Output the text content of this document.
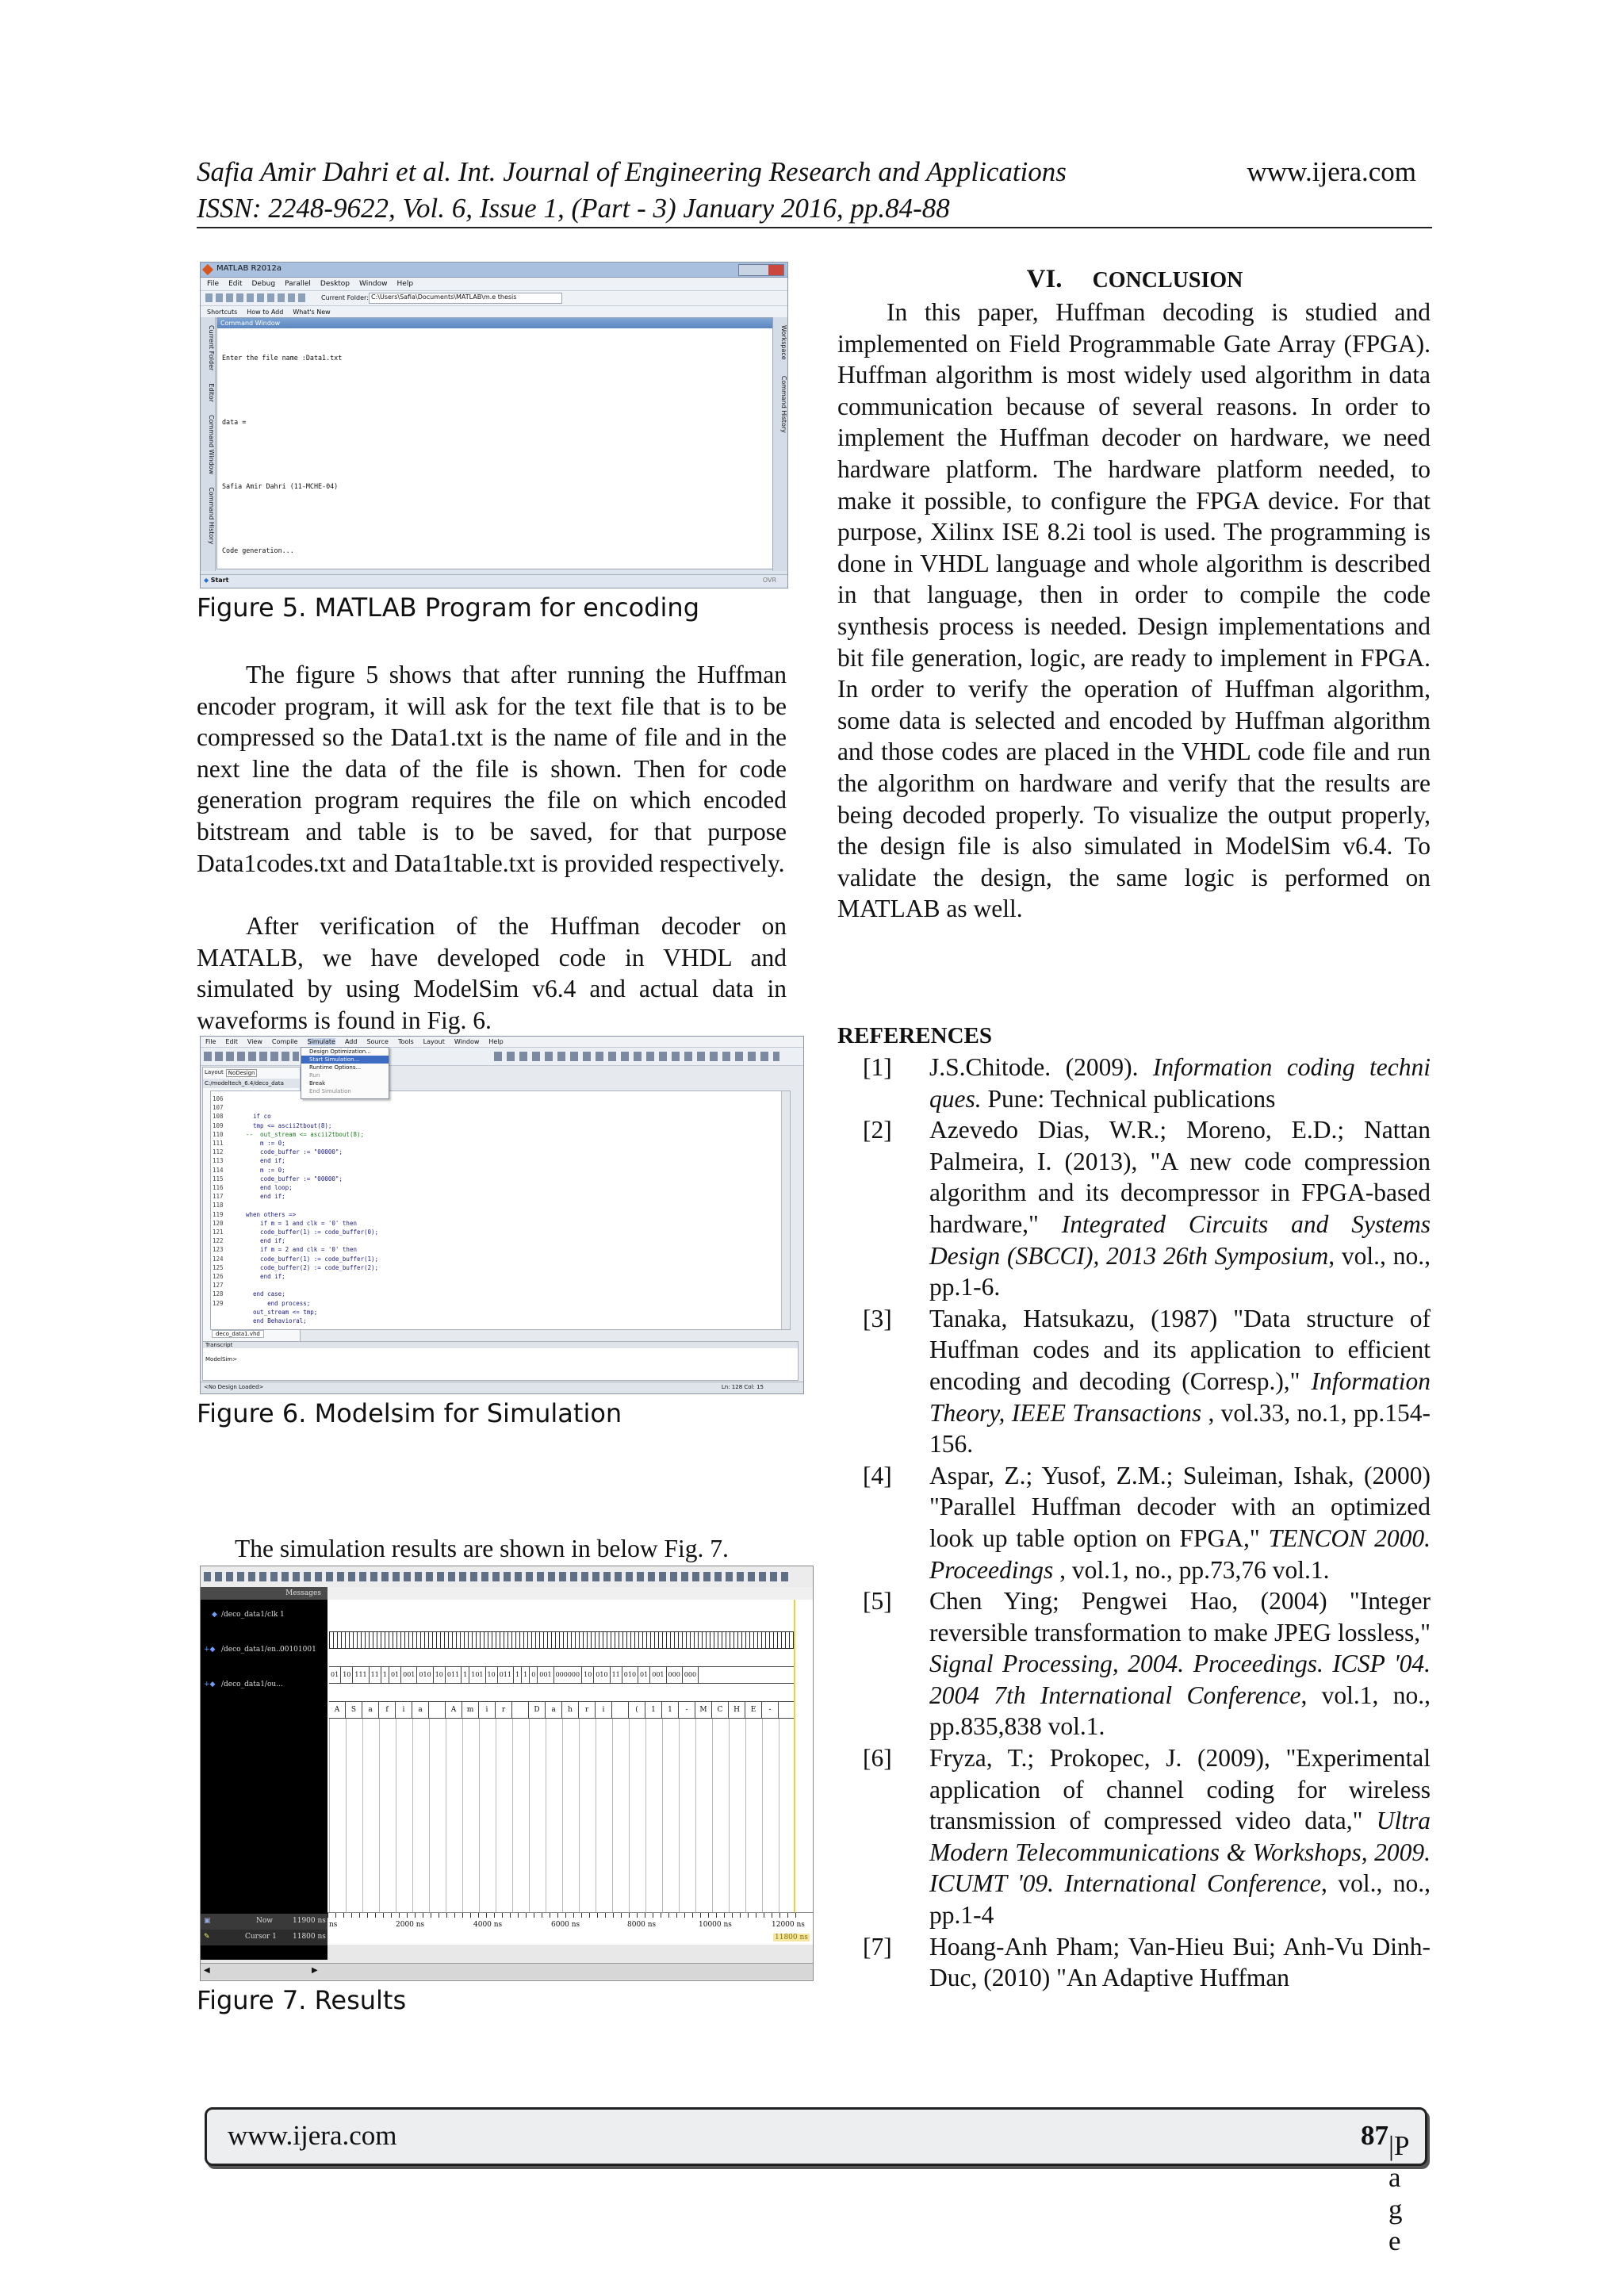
Safia Amir Dahri et al. Int. Journal of Engineering Research and Applications	www.ijera.com
ISSN: 2248-9622, Vol. 6, Issue 1, (Part - 3) January 2016, pp.84-88
MATLAB R2012a
File Edit Debug Parallel Desktop Window Help
Current Folder: C:\Users\Safia\Documents\MATLAB\m.e thesis
Shortcuts How to Add What's New
Current Folder
Editor
Command Window
Command History
Workspace
Command History
Command Window

Enter the file name :Data1.txt

data =

Safia Amir Dahri (11-MCHE-04)

Code generation...

◆ Start	OVR
Figure 5. MATLAB Program for encoding
The figure 5 shows that after running the Huffman encoder program, it will ask for the text file that is to be compressed so the Data1.txt is the name of file and in the next line the data of the file is shown. Then for code generation program requires the file on which encoded bitstream and table is to be saved, for that purpose Data1codes.txt and Data1table.txt is provided respectively.
After verification of the Huffman decoder on MATALB, we have developed code in VHDL and simulated by using ModelSim v6.4 and actual data in waveforms is found in Fig. 6.
File Edit View Compile Simulate Add Source Tools Layout Window Help
Layout NoDesign
C:/modeltech_6.4/deco_data
106
107
108
109
110
111
112
113
114
115
116
117
118
119
120
121
122
123
124
125
126
127
128
129

if co
tmp <= ascii2tbout(8);
--  out_stream <= ascii2tbout(8);
m := 0;
code_buffer := "00000";
end if;
m := 0;
code_buffer := "00000";
end loop;
end if;

when others =>
if m = 1 and clk = '0' then
code_buffer(1) := code_buffer(0);
end if;
if m = 2 and clk = '0' then
code_buffer(1) := code_buffer(1);
code_buffer(2) := code_buffer(2);
end if;

end case;
end process;
out_stream <= tmp;
end Behavioral;

Design Optimization...
Start Simulation...
Runtime Options...
Run
Break
End Simulation
deco_data1.vhd
Transcript
ModelSim>
<No Design Loaded>	Ln: 128 Col: 15
Figure 6. Modelsim for Simulation
The simulation results are shown in below Fig. 7.
Messages
◆ /deco_data1/clk
+◆ /deco_data1/en...
+◆ /deco_data1/ou...
▣	Now
✎	Cursor 1
1
00101001
11900 ns
11800 ns
01 10 111 11 1 01 001 010 10 011 1 101 10 011 1 1 0 001 000000 10 010 11 010 01 001 000 000
A	S	a	f	i	a	A	m	i	r	D	a	h	r	i	(	1	1	-	M	C	H	E	-
ns	2000 ns	4000 ns	6000 ns	8000 ns	10000 ns	12000 ns
11800 ns
◀	▶
Figure 7. Results
VI. CONCLUSION
In this paper, Huffman decoding is studied and implemented on Field Programmable Gate Array (FPGA). Huffman algorithm is most widely used algorithm in data communication because of several reasons. In order to implement the Huffman decoder on hardware, we need hardware platform. The hardware platform needed, to make it possible, to configure the FPGA device. For that purpose, Xilinx ISE 8.2i tool is used. The programming is done in VHDL language and whole algorithm is described in that language, then in order to compile the code synthesis process is needed. Design implementations and bit file generation, logic, are ready to implement in FPGA. In order to verify the operation of Huffman algorithm, some data is selected and encoded by Huffman algorithm and those codes are placed in the VHDL code file and run the algorithm on hardware and verify that the results are being decoded properly. To visualize the output properly, the design file is also simulated in ModelSim v6.4. To validate the design, the same logic is performed on MATLAB as well.
REFERENCES
[1]	J.S.Chitode. (2009). Information coding techni ques. Pune: Technical publications
[2]	Azevedo Dias, W.R.; Moreno, E.D.; Nattan Palmeira, I. (2013), "A new code compression algorithm and its decompressor in FPGA-based hardware," Integrated Circuits and Systems Design (SBCCI), 2013 26th Symposium, vol., no., pp.1-6.
[3]	Tanaka, Hatsukazu, (1987) "Data structure of Huffman codes and its application to efficient encoding and decoding (Corresp.)," Information Theory, IEEE Transactions , vol.33, no.1, pp.154-156.
[4]	Aspar, Z.; Yusof, Z.M.; Suleiman, Ishak, (2000) "Parallel Huffman decoder with an optimized look up table option on FPGA," TENCON 2000. Proceedings , vol.1, no., pp.73,76 vol.1.
[5]	Chen Ying; Pengwei Hao, (2004) "Integer reversible transformation to make JPEG lossless," Signal Processing, 2004. Proceedings. ICSP '04. 2004 7th International Conference, vol.1, no., pp.835,838 vol.1.
[6]	Fryza, T.; Prokopec, J. (2009), "Experimental application of channel coding for wireless transmission of compressed video data," Ultra Modern Telecommunications & Workshops, 2009. ICUMT '09. International Conference, vol., no., pp.1-4
[7]	Hoang-Anh Pham; Van-Hieu Bui; Anh-Vu Dinh-Duc, (2010) "An Adaptive Huffman
www.ijera.com	87 |P a g e
